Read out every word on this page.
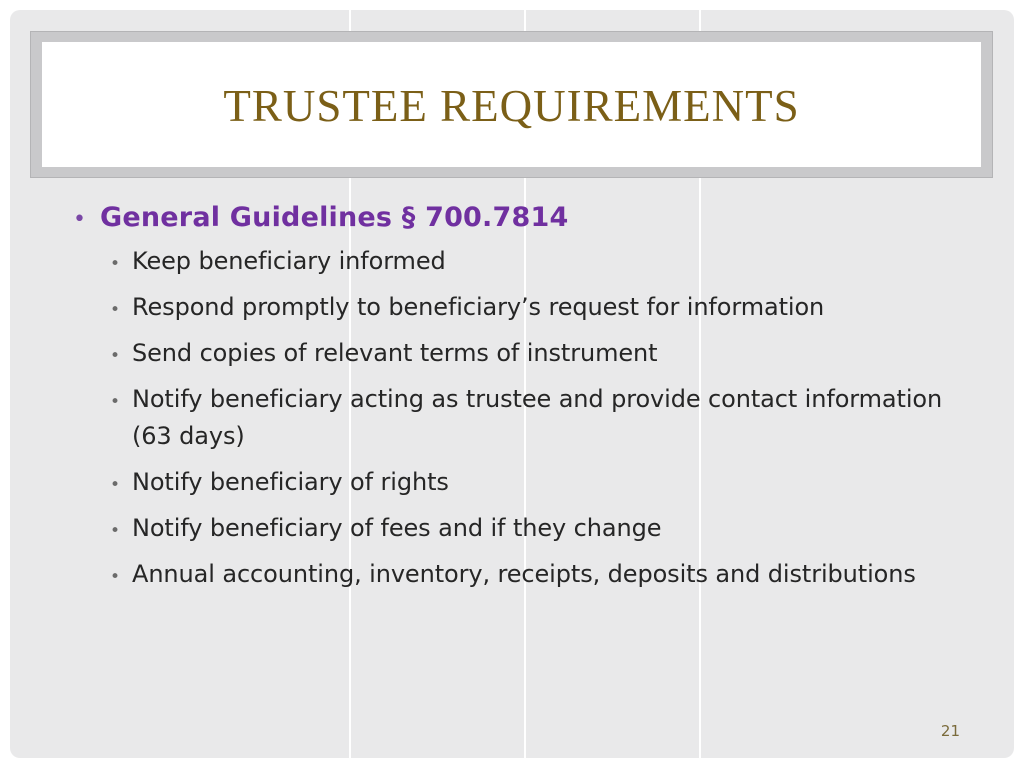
TRUSTEE REQUIREMENTS
• General Guidelines § 700.7814
• Keep beneficiary informed
• Respond promptly to beneficiary’s request for information
• Send copies of relevant terms of instrument
• Notify beneficiary acting as trustee and provide contact information (63 days)
• Notify beneficiary of rights
• Notify beneficiary of fees and if they change
• Annual accounting, inventory, receipts, deposits and distributions
21
